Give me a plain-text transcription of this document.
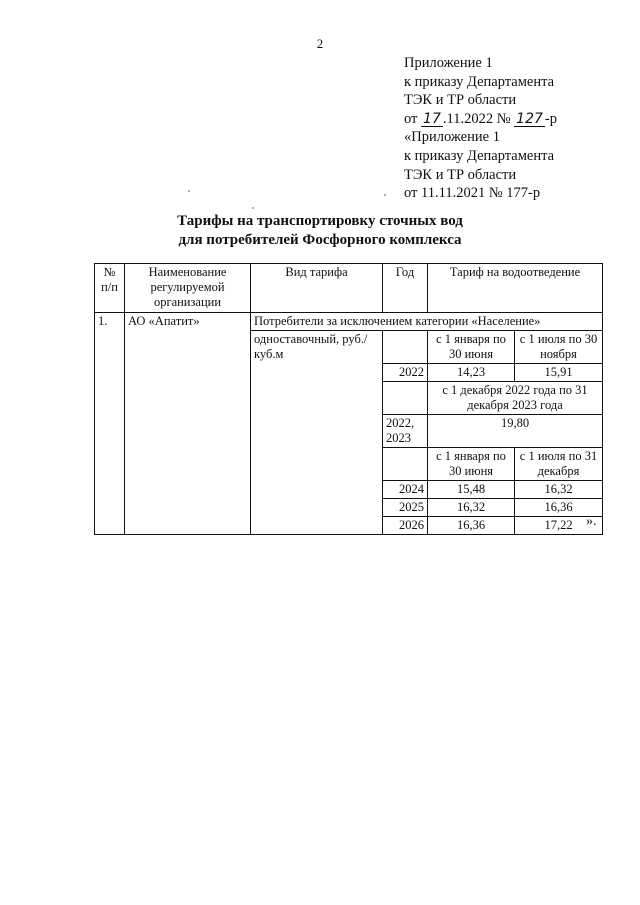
2
Приложение 1
к приказу Департамента
ТЭК и ТР области
от 17 .11.2022 № 127 -р
«Приложение 1
к приказу Департамента
ТЭК и ТР области
от 11.11.2021 № 177-р
Тарифы на транспортировку сточных вод
для потребителей Фосфорного комплекса
№ п/п	Наименование регулируемой организации	Вид тарифа	Год	Тариф на водоотведение	
1.	АО «Апатит»	Потребители за исключением категории «Население»			
		одноставочный, руб./куб.м		с 1 января по 30 июня	с 1 июля по 30 ноября
			2022	14,23	15,91
				с 1 декабря 2022 года по 31 декабря 2023 года	
			2022, 2023	19,80	
				с 1 января по 30 июня	с 1 июля по 31 декабря
			2024	15,48	16,32
			2025	16,32	16,36
			2026	16,36	17,22 ».
